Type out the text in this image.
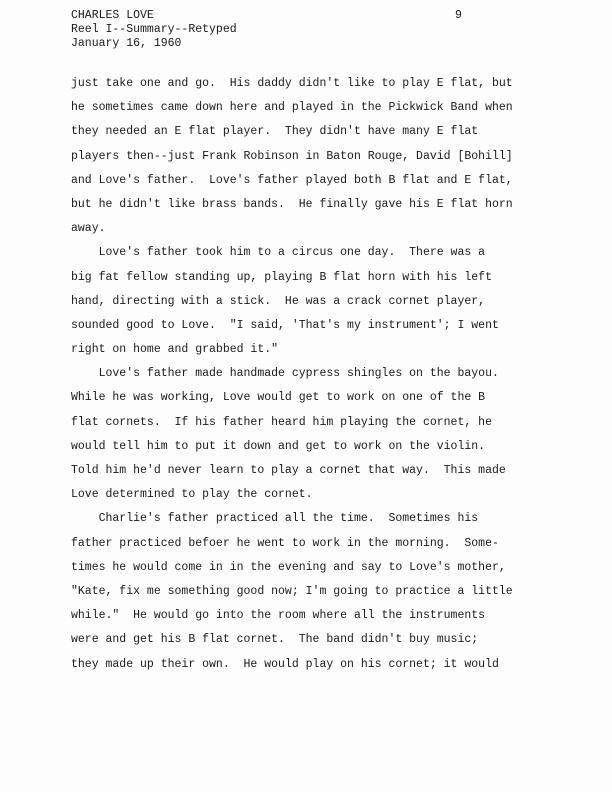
CHARLES LOVE
Reel I--Summary--Retyped
January 16, 1960
9
just take one and go.  His daddy didn't like to play E flat, but
he sometimes came down here and played in the Pickwick Band when
they needed an E flat player.  They didn't have many E flat
players then--just Frank Robinson in Baton Rouge, David [Bohill]
and Love's father.  Love's father played both B flat and E flat,
but he didn't like brass bands.  He finally gave his E flat horn
away.
Love's father took him to a circus one day.  There was a
big fat fellow standing up, playing B flat horn with his left
hand, directing with a stick.  He was a crack cornet player,
sounded good to Love.  "I said, 'That's my instrument'; I went
right on home and grabbed it."
Love's father made handmade cypress shingles on the bayou.
While he was working, Love would get to work on one of the B
flat cornets.  If his father heard him playing the cornet, he
would tell him to put it down and get to work on the violin.
Told him he'd never learn to play a cornet that way.  This made
Love determined to play the cornet.
Charlie's father practiced all the time.  Sometimes his
father practiced befoer he went to work in the morning.  Some-
times he would come in in the evening and say to Love's mother,
"Kate, fix me something good now; I'm going to practice a little
while."  He would go into the room where all the instruments
were and get his B flat cornet.  The band didn't buy music;
they made up their own.  He would play on his cornet; it would
